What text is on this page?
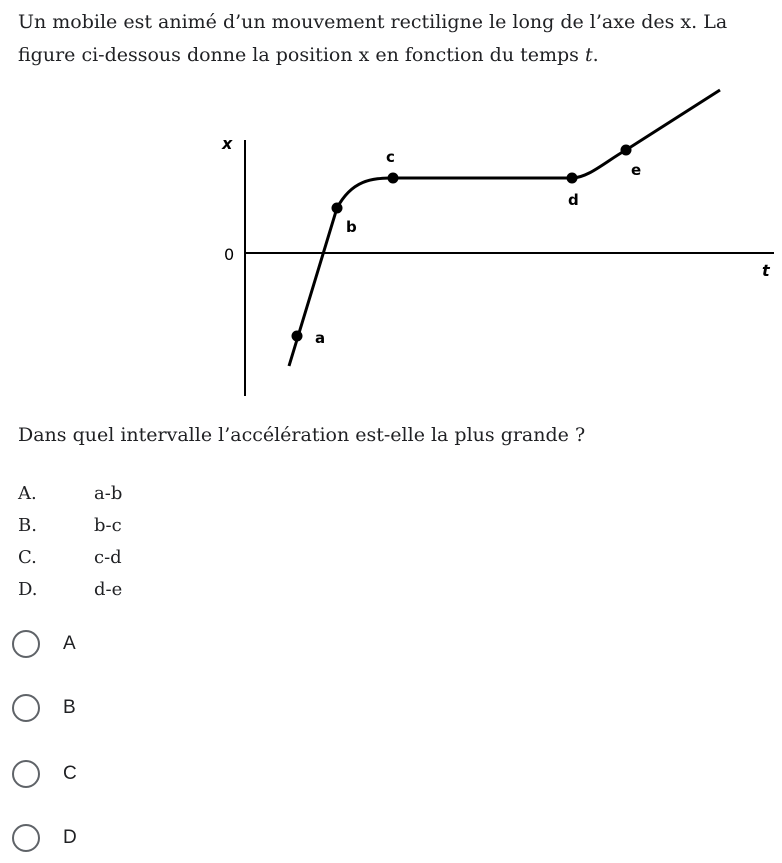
Un mobile est animé d’un mouvement rectiligne le long de l’axe des x. La figure ci-dessous donne la position x en fonction du temps t.

x
0
t
a
b
c
d
e

Dans quel intervalle l’accélération est-elle la plus grande ?

A.	a-b
B.	b-c
C.	c-d
D.	d-e
A
B
C
D
